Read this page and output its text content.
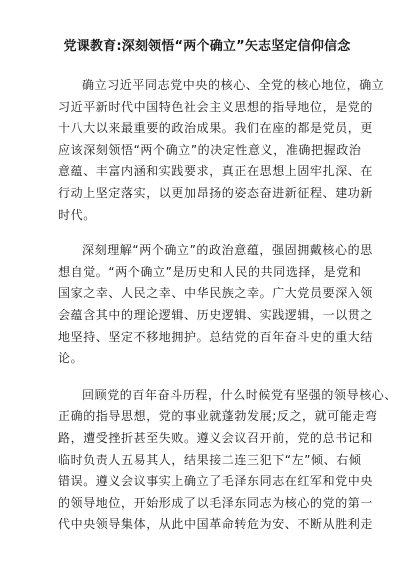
党课教育:深刻领悟“两个确立”矢志坚定信仰信念
确立习近平同志党中央的核心、全党的核心地位，确立
习近平新时代中国特色社会主义思想的指导地位，是党的
十八大以来最重要的政治成果。我们在座的都是党员，更
应该深刻领悟“两个确立”的决定性意义，准确把握政治
意蕴、丰富内涵和实践要求，真正在思想上固牢扎深、在
行动上坚定落实，以更加昂扬的姿态奋进新征程、建功新
时代。
深刻理解“两个确立”的政治意蕴，强固拥戴核心的思
想自觉。“两个确立”是历史和人民的共同选择，是党和
国家之幸、人民之幸、中华民族之幸。广大党员要深入领
会蕴含其中的理论逻辑、历史逻辑、实践逻辑，一以贯之
地坚持、坚定不移地拥护。总结党的百年奋斗史的重大结
论。
回顾党的百年奋斗历程，什么时候党有坚强的领导核心、
正确的指导思想，党的事业就蓬勃发展;反之，就可能走弯
路，遭受挫折甚至失败。遵义会议召开前，党的总书记和
临时负责人五易其人，结果接二连三犯下“左”倾、右倾
错误。遵义会议事实上确立了毛泽东同志在红军和党中央
的领导地位，开始形成了以毛泽东同志为核心的党的第一
代中央领导集体，从此中国革命转危为安、不断从胜利走
